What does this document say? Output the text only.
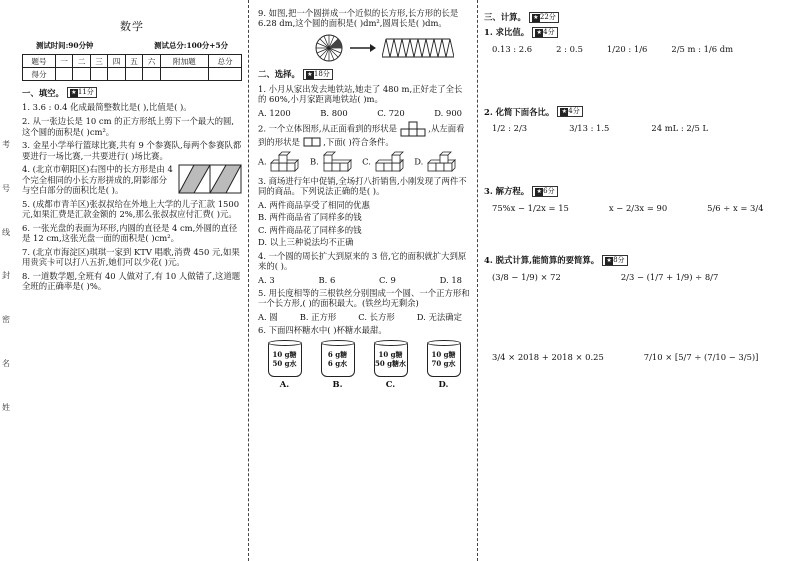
考
号
线
封
密
名
姓
数学
测试时间:90分钟	测试总分:100分+5分
题号	一	二	三	四	五	六	附加题	总分
得分								
一、填空。	★11分
1. 3.6 : 0.4 化成最简整数比是( ),比值是( )。
2. 从一张边长是 10 cm 的正方形纸上剪下一个最大的圆,这个圆的面积是( )cm²。
3. 金星小学举行篮球比赛,共有 9 个参赛队,每两个参赛队都要进行一场比赛,一共要进行( )场比赛。
4. (北京市朝阳区)右图中的长方形是由 4 个完全相同的小长方形拼成的,阴影部分与空白部分的面积比是( )。
5. (成都市青羊区)张叔叔给在外地上大学的儿子汇款 1500 元,如果汇费是汇款金额的 2%,那么张叔叔应付汇费( )元。
6. 一张光盘的表面为环形,内圆的直径是 4 cm,外圆的直径是 12 cm,这张光盘一面的面积是( )cm²。
7. (北京市海淀区)琪琪一家到 KTV 唱歌,消费 450 元,如果用贵宾卡可以打八五折,她们可以少花( )元。
8. 一道数学题,全班有 40 人做对了,有 10 人做错了,这道题全班的正确率是( )%。
9. 如图,把一个圆拼成一个近似的长方形,长方形的长是 6.28 dm,这个圆的面积是( )dm²,圆周长是( )dm。
二、选择。	★18分
1. 小月从家出发去地铁站,她走了 480 m,正好走了全长的 60%,小月家距离地铁站( )m。
A. 1200	B. 800	C. 720	D. 900
2. 一个立体图形,从正面看到的形状是	,从左面看到的形状是	,下面( )符合条件。
A.	B.	C.	D.
3. 商场进行年中促销,全场打八折销售,小刚发现了两件不同的商品。下列说法正确的是( )。
A. 两件商品享受了相同的优惠
B. 两件商品省了同样多的钱
C. 两件商品花了同样多的钱
D. 以上三种说法均不正确
4. 一个圆的周长扩大到原来的 3 倍,它的面积就扩大到原来的( )。
A. 3	B. 6	C. 9	D. 18
5. 用长度相等的三根铁丝分别围成一个圆、一个正方形和一个长方形,( )的面积最大。(铁丝均无剩余)
A. 圆	B. 正方形	C. 长方形	D. 无法确定
6. 下面四杯糖水中( )杯糖水最甜。
10 g糖
50 g水
A.
6 g糖
6 g水
B.
10 g糖
50 g糖水
C.
10 g糖
70 g水
D.
三、计算。	★22分
1. 求比值。	★4分
0.13 : 2.6	2 : 0.5	1/20 : 1/6	2/5 m : 1/6 dm
2. 化简下面各比。	★4分
1/2 : 2/3	3/13 : 1.5	24 mL : 2/5 L
3. 解方程。	★6分
75%x − 1/2x = 15	x − 2/3x = 90	5/6 ÷ x = 3/4
4. 脱式计算,能简算的要简算。	★8分
(3/8 − 1/9) × 72	2/3 − (1/7 + 1/9) ÷ 8/7
3/4 × 2018 + 2018 × 0.25	7/10 × [5/7 ÷ (7/10 − 3/5)]
